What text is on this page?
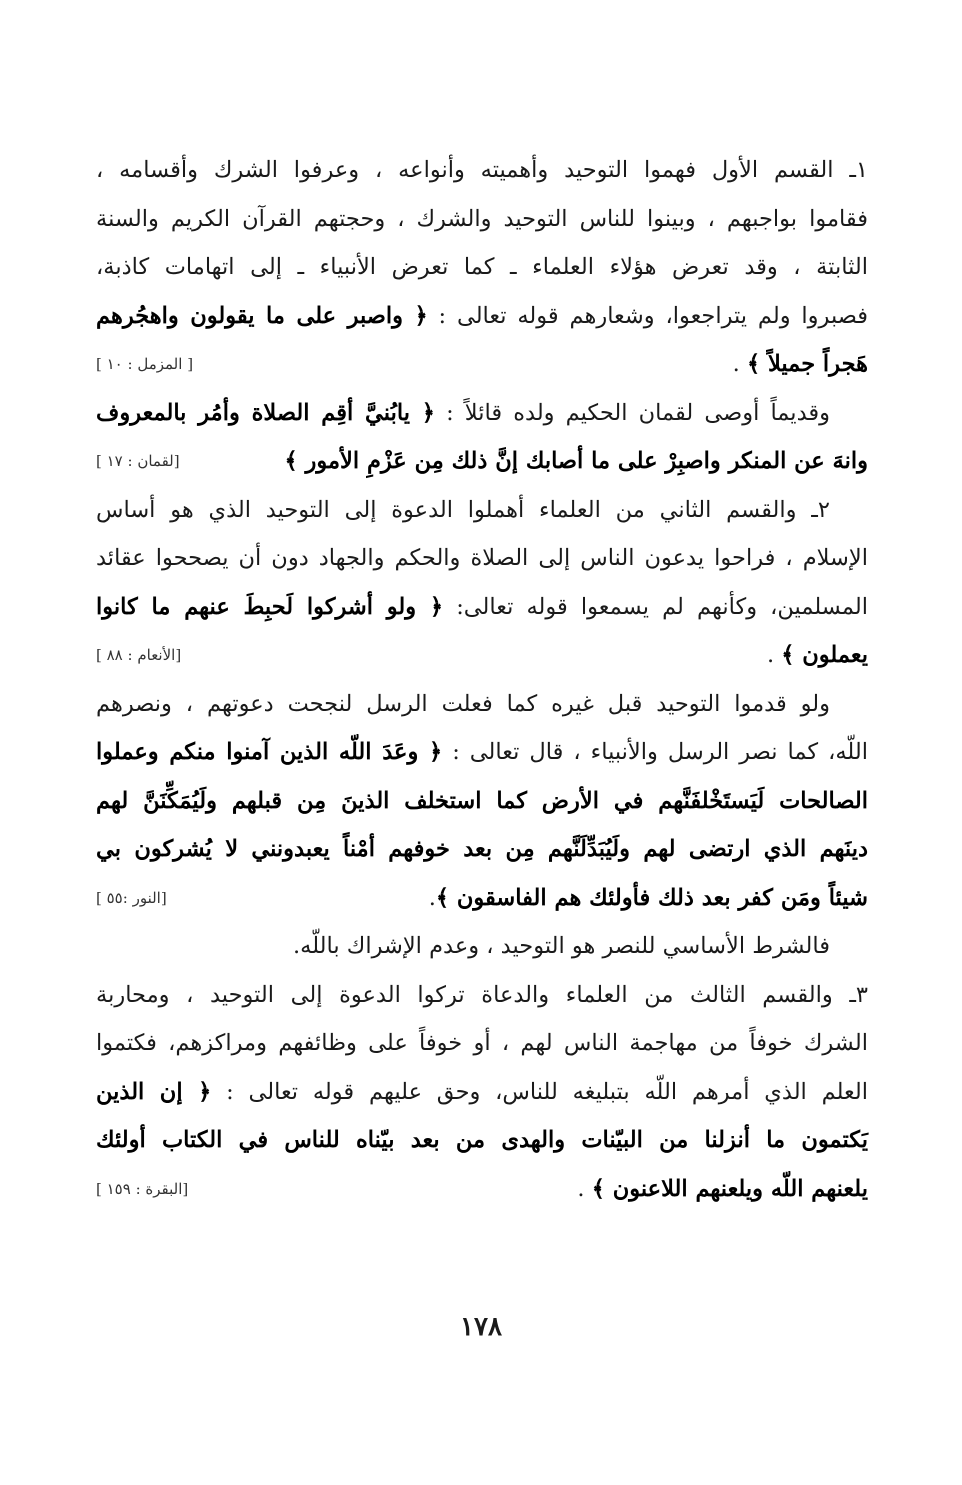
١ـ القسم الأول فهموا التوحيد وأهميته وأنواعه ، وعرفوا الشرك وأقسامه ،
فقاموا بواجبهم ، وبينوا للناس التوحيد والشرك ، وحجتهم القرآن الكريم والسنة
الثابتة ، وقد تعرض هؤلاء العلماء ـ كما تعرض الأنبياء ـ إلى اتهامات كاذبة،
فصبروا ولم يتراجعوا، وشعارهم قوله تعالى : ﴿ واصبر على ما يقولون واهجُرهم
هَجراً جميلاً ﴾ .
[ المزمل : ١٠ ]
وقديماً أوصى لقمان الحكيم ولده قائلاً : ﴿ يابُنيَّ أقِم الصلاة وأمُر بالمعروف
وانهَ عن المنكر واصبِرْ على ما أصابك إنَّ ذلك مِن عَزْمِ الأمور ﴾
[لقمان : ١٧ ]
٢ـ والقسم الثاني من العلماء أهملوا الدعوة إلى التوحيد الذي هو أساس
الإسلام ، فراحوا يدعون الناس إلى الصلاة والحكم والجهاد دون أن يصححوا عقائد
المسلمين، وكأنهم لم يسمعوا قوله تعالى: ﴿ ولو أشركوا لَحبِطَ عنهم ما كانوا
يعملون ﴾ .
[الأنعام : ٨٨ ]
ولو قدموا التوحيد قبل غيره كما فعلت الرسل لنجحت دعوتهم ، ونصرهم
اللّه، كما نصر الرسل والأنبياء ، قال تعالى : ﴿ وعَدَ اللّه الذين آمنوا منكم وعملوا
الصالحات لَيَستَخْلفَنَّهم في الأرض كما استخلف الذينَ مِن قبلهم ولَيُمَكِّنَنَّ لهم
دينَهم الذي ارتضى لهم ولَيُبَدِّلَنَّهم مِن بعد خوفهم أمْناً يعبدونني لا يُشركون بي
شيئاً ومَن كفر بعد ذلك فأولئك هم الفاسقون ﴾.
[النور :٥٥ ]
فالشرط الأساسي للنصر هو التوحيد ، وعدم الإشراك باللّه.
٣ـ والقسم الثالث من العلماء والدعاة تركوا الدعوة إلى التوحيد ، ومحاربة
الشرك خوفاً من مهاجمة الناس لهم ، أو خوفاً على وظائفهم ومراكزهم، فكتموا
العلم الذي أمرهم اللّه بتبليغه للناس، وحق عليهم قوله تعالى : ﴿ إن الذين
يَكتمون ما أنزلنا من البيّنات والهدى من بعد بيّناه للناس في الكتاب أولئك
يلعنهم اللّه ويلعنهم اللاعنون ﴾ .
[البقرة : ١٥٩ ]
١٧٨
